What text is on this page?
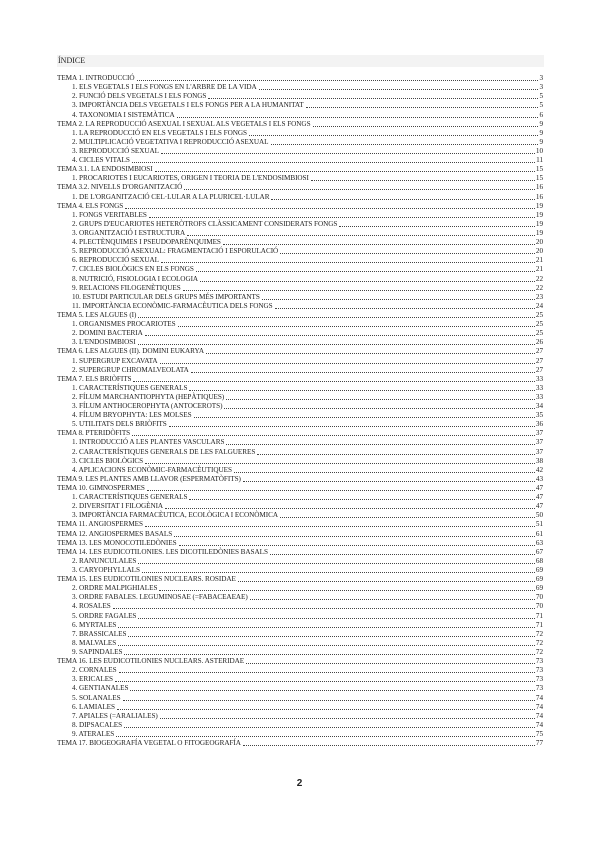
ÍNDICE
TEMA 1. INTRODUCCIÓ	3
1. ELS VEGETALS I ELS FONGS EN L'ARBRE DE LA VIDA	3
2. FUNCIÓ DELS VEGETALS I ELS FONGS	5
3. IMPORTÀNCIA DELS VEGETALS I ELS FONGS PER A LA HUMANITAT	5
4. TAXONOMIA I SISTEMÀTICA	6
TEMA 2. LA REPRODUCCIÓ ASEXUAL I SEXUAL ALS VEGETALS I ELS FONGS	9
1. LA REPRODUCCIÓ EN ELS VEGETALS I ELS FONGS	9
2. MULTIPLICACIÓ VEGETATIVA I REPRODUCCIÓ ASEXUAL	9
3. REPRODUCCIÓ SEXUAL	10
4. CICLES VITALS	11
TEMA 3.1. LA ENDOSIMBIOSI	15
1. PROCARIOTES I EUCARIOTES, ORIGEN I TEORIA DE L'ENDOSIMBIOSI	15
TEMA 3.2. NIVELLS D'ORGANITZACIÓ	16
1. DE L'ORGANITZACIÓ CEL·LULAR A LA PLURICEL·LULAR	16
TEMA 4. ELS FONGS	19
1. FONGS VERITABLES	19
2. GRUPS D'EUCARIOTES HETERÒTROFS CLÀSSICAMENT CONSIDERATS FONGS	19
3. ORGANITZACIÓ I ESTRUCTURA	19
4. PLECTÈNQUIMES I PSEUDOPARÈNQUIMES	20
5. REPRODUCCIÓ ASEXUAL: FRAGMENTACIÓ I ESPORULACIÓ	20
6. REPRODUCCIÓ SEXUAL	21
7. CICLES BIOLÒGICS EN ELS FONGS	21
8. NUTRICIÓ, FISIOLOGIA I ECOLOGIA	22
9. RELACIONS FILOGENÈTIQUES	22
10. ESTUDI PARTICULAR DELS GRUPS MÉS IMPORTANTS	23
11. IMPORTÀNCIA ECONÒMIC-FARMACÈUTICA DELS FONGS	24
TEMA 5. LES ALGUES (I)	25
1. ORGANISMES PROCARIOTES	25
2. DOMINI BACTERIA	25
3. L'ENDOSIMBIOSI	26
TEMA 6. LES ALGUES (II). DOMINI EUKARYA	27
1. SUPERGRUP EXCAVATA	27
2. SUPERGRUP CHROMALVEOLATA	27
TEMA 7. ELS BRIÒFITS	33
1. CARACTERÍSTIQUES GENERALS	33
2. FÍLUM MARCHANTIOPHYTA (HEPÀTIQUES)	33
3. FÍLUM ANTHOCEROPHYTA (ANTOCEROTS)	34
4. FÍLUM BRYOPHYTA: LES MOLSES	35
5. UTILITATS DELS BRIÒFITS	36
TEMA 8. PTERIDÒFITS	37
1. INTRODUCCIÓ A LES PLANTES VASCULARS	37
2. CARACTERÍSTIQUES GENERALS DE LES FALGUERES	37
3. CICLES BIOLÒGICS	38
4. APLICACIONS ECONÒMIC-FARMACÈUTIQUES	42
TEMA 9. LES PLANTES AMB LLAVOR (ESPERMATÒFITS)	43
TEMA 10. GIMNOSPERMES	47
1. CARACTERÍSTIQUES GENERALS	47
2. DIVERSITAT I FILOGÈNIA	47
3. IMPORTÀNCIA FARMACÈUTICA, ECOLÒGICA I ECONÒMICA	50
TEMA 11. ANGIOSPERMES	51
TEMA 12. ANGIOSPERMES BASALS	61
TEMA 13. LES MONOCOTILEDÒNIES	63
TEMA 14. LES EUDICOTILONIES. LES DICOTILEDÒNIES BASALS	67
2. RANUNCULALES	68
3. CARYOPHYLLALS	69
TEMA 15. LES EUDICOTILONIES NUCLEARS. ROSIDAE	69
2. ORDRE MALPIGHIALES	69
3. ORDRE FABALES. LEGUMINOSAE (=FABACEAEAE)	70
4. ROSALES	70
5. ORDRE FAGALES	71
6. MYRTALES	71
7. BRASSICALES	72
8. MALVALES	72
9. SAPINDALES	72
TEMA 16. LES EUDICOTILONIES NUCLEARS. ASTERIDAE	73
2. CORNALES	73
3. ERICALES	73
4. GENTIANALES	73
5. SOLANALES	74
6. LAMIALES	74
7. APIALES (=ARALIALES)	74
8. DIPSACALES	74
9. ATERALES	75
TEMA 17. BIOGEOGRAFÍA VEGETAL O FITOGEOGRAFÍA	77
2
